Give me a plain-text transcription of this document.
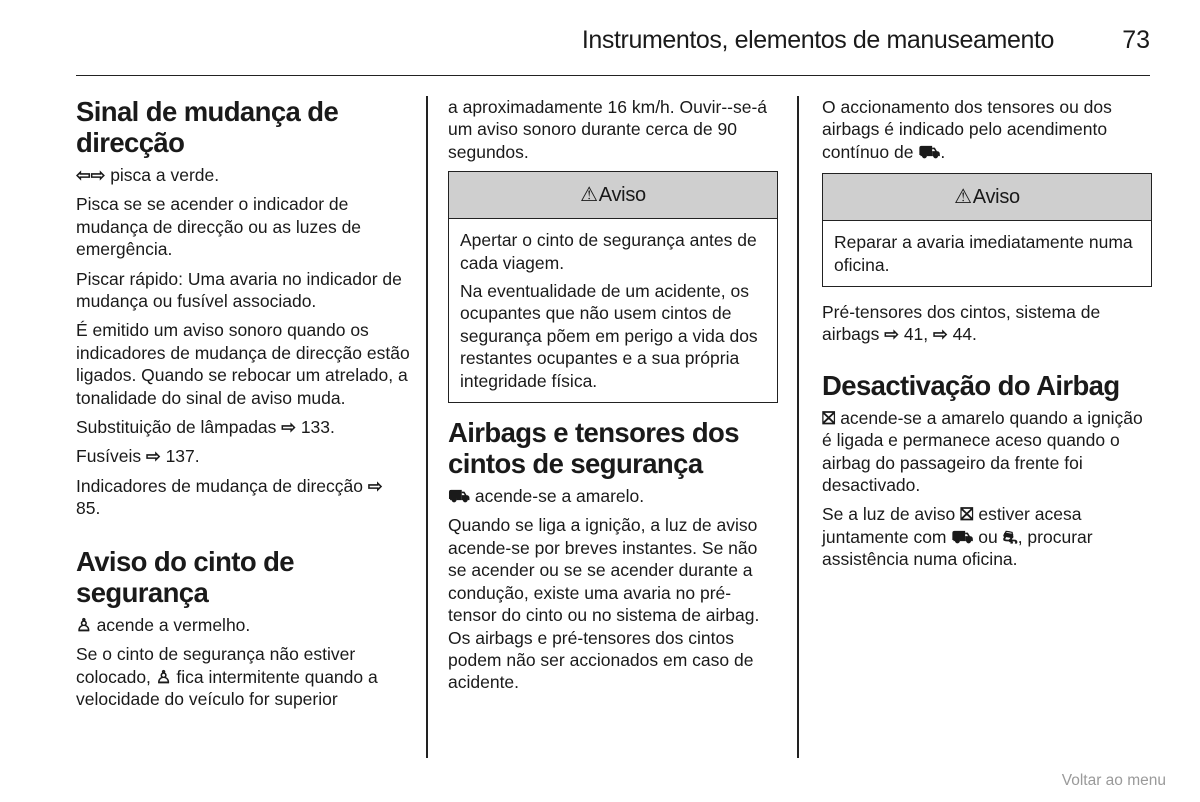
Instrumentos, elementos de manuseamento	73
Sinal de mudança de direcção

⇦⇨ pisca a verde.

Pisca se se acender o indicador de mudança de direcção ou as luzes de emergência.

Piscar rápido: Uma avaria no indicador de mudança ou fusível associado.

É emitido um aviso sonoro quando os indicadores de mudança de direcção estão ligados. Quando se rebocar um atrelado, a tonalidade do sinal de aviso muda.

Substituição de lâmpadas ⇨ 133.

Fusíveis ⇨ 137.

Indicadores de mudança de direcção ⇨ 85.

Aviso do cinto de segurança

♙ acende a vermelho.

Se o cinto de segurança não estiver colocado, ♙ fica intermitente quando a velocidade do veículo for superior

a aproximadamente 16 km/h. Ouvir--se-á um aviso sonoro durante cerca de 90 segundos.

⚠ Aviso

Apertar o cinto de segurança antes de cada viagem.

Na eventualidade de um acidente, os ocupantes que não usem cintos de segurança põem em perigo a vida dos restantes ocupantes e a sua própria integridade física.

Airbags e tensores dos cintos de segurança

⛟ acende-se a amarelo.

Quando se liga a ignição, a luz de aviso acende-se por breves instantes. Se não se acender ou se se acender durante a condução, existe uma avaria no pré-tensor do cinto ou no sistema de airbag. Os airbags e pré-tensores dos cintos podem não ser accionados em caso de acidente.

O accionamento dos tensores ou dos airbags é indicado pelo acendimento contínuo de ⛟.

⚠ Aviso

Reparar a avaria imediatamente numa oficina.

Pré-tensores dos cintos, sistema de airbags ⇨ 41, ⇨ 44.

Desactivação do Airbag

⛝ acende-se a amarelo quando a ignição é ligada e permanece aceso quando o airbag do passageiro da frente foi desactivado.

Se a luz de aviso ⛝ estiver acesa juntamente com ⛟ ou ⛐, procurar assistência numa oficina.

Voltar ao menu
